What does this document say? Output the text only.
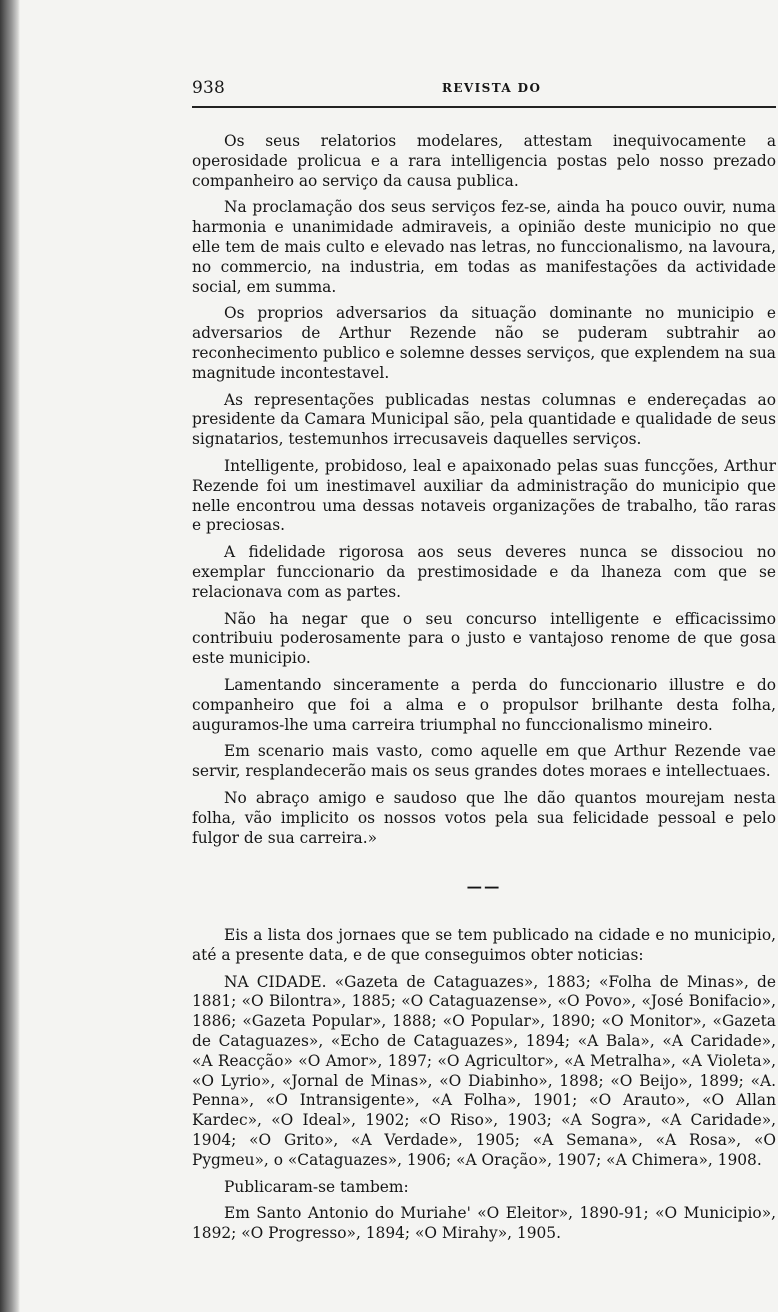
938	REVISTA DO

Os seus relatorios modelares, attestam inequivocamente a operosidade prolicua e a rara intelligencia postas pelo nosso prezado companheiro ao serviço da causa publica.

Na proclamação dos seus serviços fez-se, ainda ha pouco ouvir, numa harmonia e unanimidade admiraveis, a opinião deste municipio no que elle tem de mais culto e elevado nas letras, no funccionalismo, na lavoura, no commercio, na industria, em todas as manifestações da actividade social, em summa.

Os proprios adversarios da situação dominante no municipio e adversarios de Arthur Rezende não se puderam subtrahir ao reconhecimento publico e solemne desses serviços, que explendem na sua magnitude incontestavel.

As representações publicadas nestas columnas e endereçadas ao presidente da Camara Municipal são, pela quantidade e qualidade de seus signatarios, testemunhos irrecusaveis daquelles serviços.

Intelligente, probidoso, leal e apaixonado pelas suas funcções, Arthur Rezende foi um inestimavel auxiliar da administração do municipio que nelle encontrou uma dessas notaveis organizações de trabalho, tão raras e preciosas.

A fidelidade rigorosa aos seus deveres nunca se dissociou no exemplar funccionario da prestimosidade e da lhaneza com que se relacionava com as partes.

Não ha negar que o seu concurso intelligente e efficacissimo contribuiu poderosamente para o justo e vantajoso renome de que gosa este municipio.

Lamentando sinceramente a perda do funccionario illustre e do companheiro que foi a alma e o propulsor brilhante desta folha, auguramos-lhe uma carreira triumphal no funccionalismo mineiro.

Em scenario mais vasto, como aquelle em que Arthur Rezende vae servir, resplandecerão mais os seus grandes dotes moraes e intellectuaes.

No abraço amigo e saudoso que lhe dão quantos mourejam nesta folha, vão implicito os nossos votos pela sua felicidade pessoal e pelo fulgor de sua carreira.»

——

Eis a lista dos jornaes que se tem publicado na cidade e no municipio, até a presente data, e de que conseguimos obter noticias:

NA CIDADE. «Gazeta de Cataguazes», 1883; «Folha de Minas», de 1881; «O Bilontra», 1885; «O Cataguazense», «O Povo», «José Bonifacio», 1886; «Gazeta Popular», 1888; «O Popular», 1890; «O Monitor», «Gazeta de Cataguazes», «Echo de Cataguazes», 1894; «A Bala», «A Caridade», «A Reacção» «O Amor», 1897; «O Agricultor», «A Metralha», «A Violeta», «O Lyrio», «Jornal de Minas», «O Diabinho», 1898; «O Beijo», 1899; «A. Penna», «O Intransigente», «A Folha», 1901; «O Arauto», «O Allan Kardec», «O Ideal», 1902; «O Riso», 1903; «A Sogra», «A Caridade», 1904; «O Grito», «A Verdade», 1905; «A Semana», «A Rosa», «O Pygmeu», o «Cataguazes», 1906; «A Oração», 1907; «A Chimera», 1908.

Publicaram-se tambem:

Em Santo Antonio do Muriahe' «O Eleitor», 1890-91; «O Municipio», 1892; «O Progresso», 1894; «O Mirahy», 1905.
